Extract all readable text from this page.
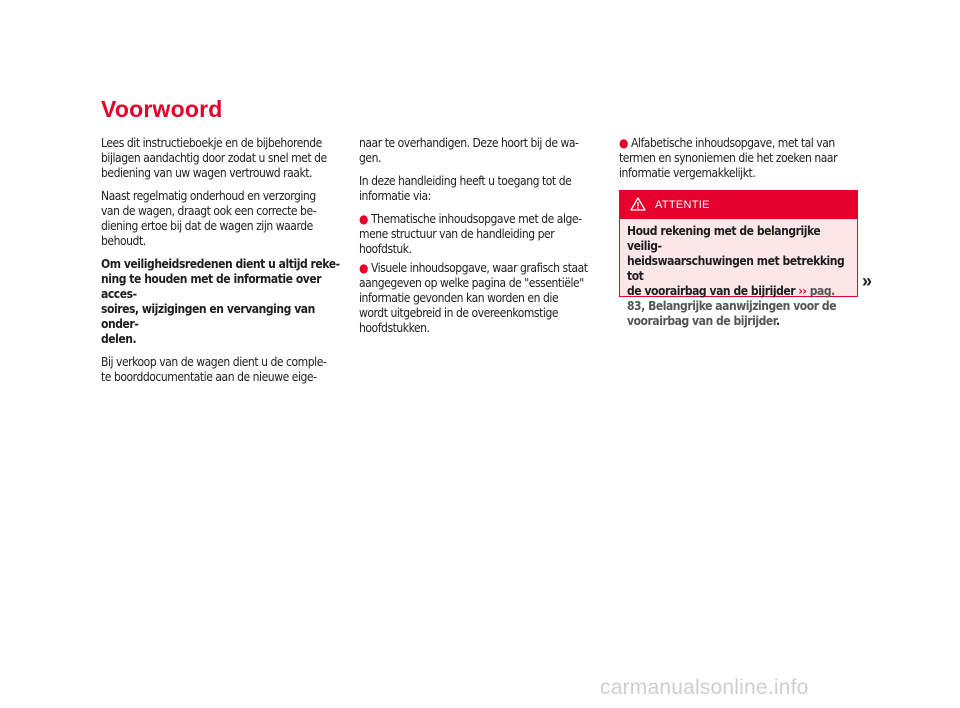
Voorwoord

Lees dit instructieboekje en de bijbehorende
bijlagen aandachtig door zodat u snel met de
bediening van uw wagen vertrouwd raakt.

Naast regelmatig onderhoud en verzorging
van de wagen, draagt ook een correcte be-
diening ertoe bij dat de wagen zijn waarde
behoudt.

Om veiligheidsredenen dient u altijd reke-
ning te houden met de informatie over acces-
soires, wijzigingen en vervanging van onder-
delen.

Bij verkoop van de wagen dient u de comple-
te boorddocumentatie aan de nieuwe eige-

naar te overhandigen. Deze hoort bij de wa-
gen.

In deze handleiding heeft u toegang tot de
informatie via:

● Thematische inhoudsopgave met de alge-
mene structuur van de handleiding per
hoofdstuk.

● Visuele inhoudsopgave, waar grafisch staat
aangegeven op welke pagina de "essentiële"
informatie gevonden kan worden en die
wordt uitgebreid in de overeenkomstige
hoofdstukken.

● Alfabetische inhoudsopgave, met tal van
termen en synoniemen die het zoeken naar
informatie vergemakkelijkt.

ATTENTIE
Houd rekening met de belangrijke veilig-
heidswaarschuwingen met betrekking tot
de voorairbag van de bijrijder ›› pag.
83, Belangrijke aanwijzingen voor de
voorairbag van de bijrijder.
»
carmanualsonline.info
